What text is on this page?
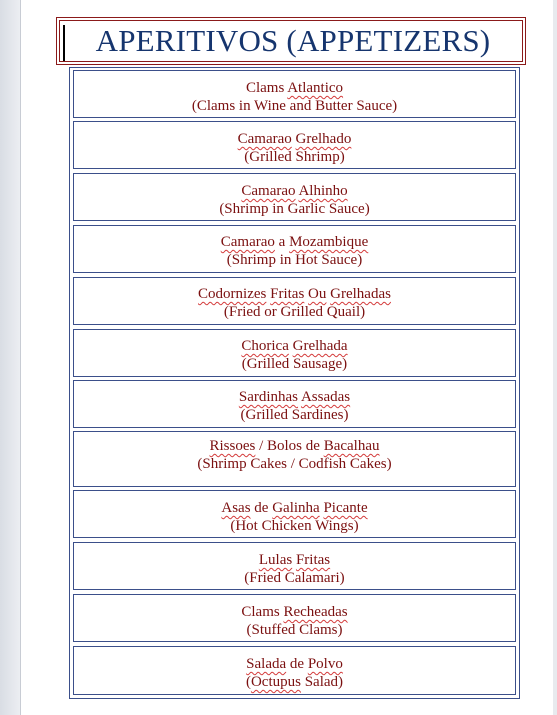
APERITIVOS (APPETIZERS)
Clams Atlantico
(Clams in Wine and Butter Sauce)
Camarao Grelhado
(Grilled Shrimp)
Camarao Alhinho
(Shrimp in Garlic Sauce)
Camarao a Mozambique
(Shrimp in Hot Sauce)
Codornizes Fritas Ou Grelhadas
(Fried or Grilled Quail)
Chorica Grelhada
(Grilled Sausage)
Sardinhas Assadas
(Grilled Sardines)
Rissoes / Bolos de Bacalhau
(Shrimp Cakes / Codfish Cakes)
Asas de Galinha Picante
(Hot Chicken Wings)
Lulas Fritas
(Fried Calamari)
Clams Recheadas
(Stuffed Clams)
Salada de Polvo
(Octupus Salad)
